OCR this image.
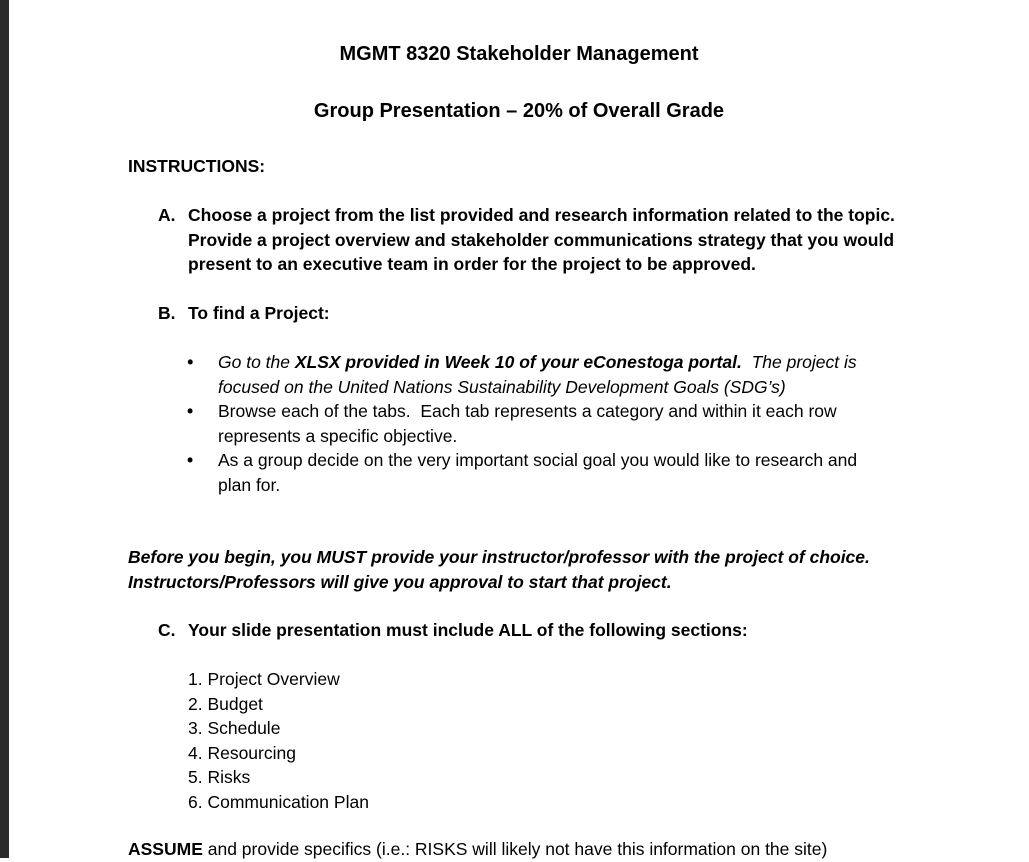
MGMT 8320 Stakeholder Management
Group Presentation – 20% of Overall Grade
INSTRUCTIONS:
A. Choose a project from the list provided and research information related to the topic.
Provide a project overview and stakeholder communications strategy that you would
present to an executive team in order for the project to be approved.
B. To find a Project:
• Go to the XLSX provided in Week 10 of your eConestoga portal.  The project is
focused on the United Nations Sustainability Development Goals (SDG’s)
• Browse each of the tabs.  Each tab represents a category and within it each row
represents a specific objective.
• As a group decide on the very important social goal you would like to research and
plan for.
Before you begin, you MUST provide your instructor/professor with the project of choice.
Instructors/Professors will give you approval to start that project.
C. Your slide presentation must include ALL of the following sections:
1. Project Overview
2. Budget
3. Schedule
4. Resourcing
5. Risks
6. Communication Plan
ASSUME and provide specifics (i.e.: RISKS will likely not have this information on the site)
